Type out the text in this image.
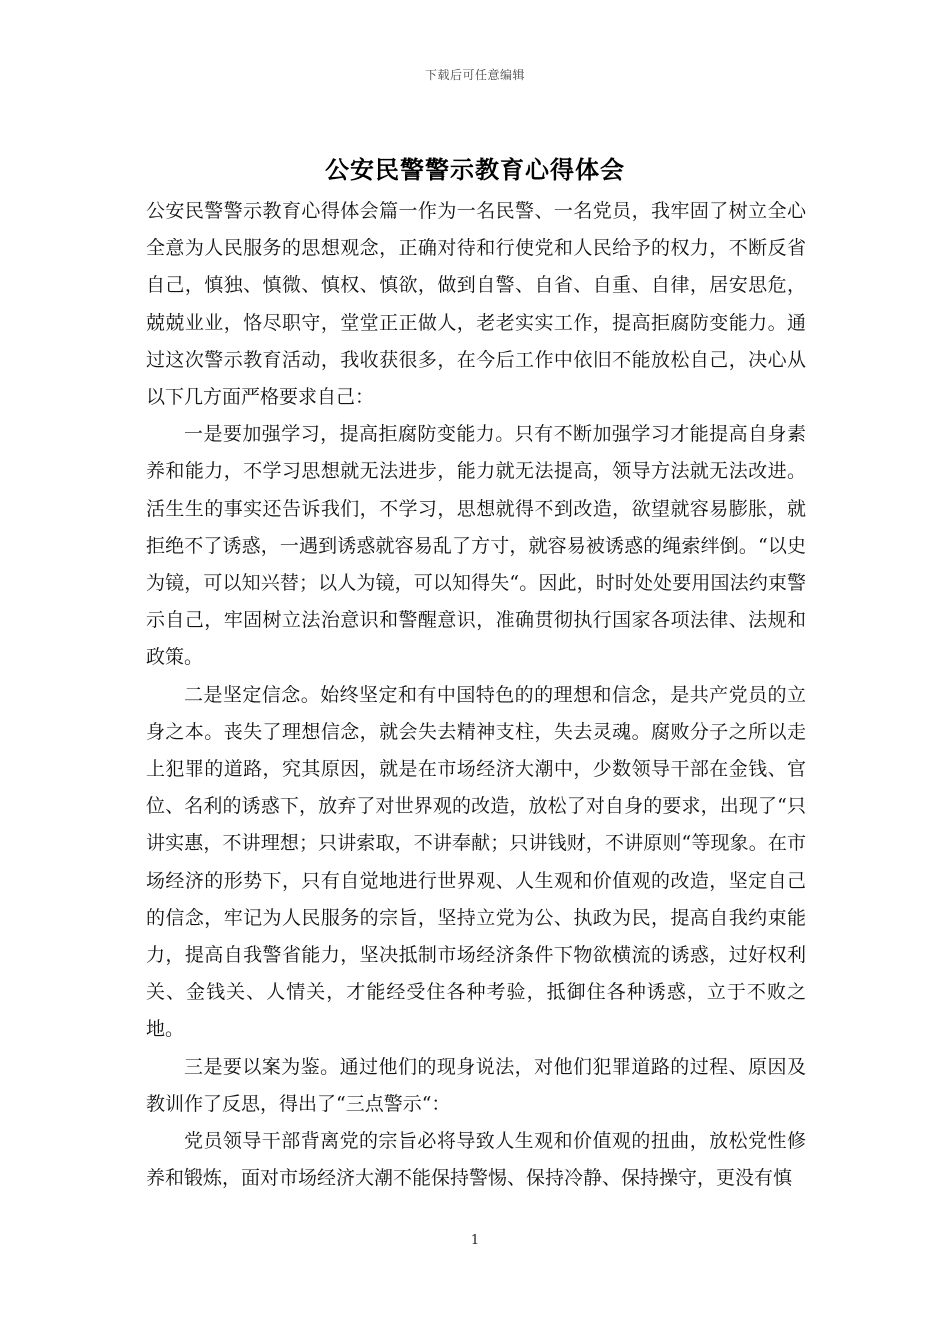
下载后可任意编辑
公安民警警示教育心得体会

公安民警警示教育心得体会篇一作为一名民警、一名党员，我牢固了树立全心全意为人民服务的思想观念，正确对待和行使党和人民给予的权力，不断反省自己，慎独、慎微、慎权、慎欲，做到自警、自省、自重、自律，居安思危，兢兢业业，恪尽职守，堂堂正正做人，老老实实工作，提高拒腐防变能力。通过这次警示教育活动，我收获很多，在今后工作中依旧不能放松自己，决心从以下几方面严格要求自己：

一是要加强学习，提高拒腐防变能力。只有不断加强学习才能提高自身素养和能力，不学习思想就无法进步，能力就无法提高，领导方法就无法改进。活生生的事实还告诉我们，不学习，思想就得不到改造，欲望就容易膨胀，就拒绝不了诱惑，一遇到诱惑就容易乱了方寸，就容易被诱惑的绳索绊倒。“以史为镜，可以知兴替；以人为镜，可以知得失“。因此，时时处处要用国法约束警示自己，牢固树立法治意识和警醒意识，准确贯彻执行国家各项法律、法规和政策。

二是坚定信念。始终坚定和有中国特色的的理想和信念，是共产党员的立身之本。丧失了理想信念，就会失去精神支柱，失去灵魂。腐败分子之所以走上犯罪的道路，究其原因，就是在市场经济大潮中，少数领导干部在金钱、官位、名利的诱惑下，放弃了对世界观的改造，放松了对自身的要求，出现了“只讲实惠，不讲理想；只讲索取，不讲奉献；只讲钱财，不讲原则“等现象。在市场经济的形势下，只有自觉地进行世界观、人生观和价值观的改造，坚定自己的信念，牢记为人民服务的宗旨，坚持立党为公、执政为民，提高自我约束能力，提高自我警省能力，坚决抵制市场经济条件下物欲横流的诱惑，过好权利关、金钱关、人情关，才能经受住各种考验，抵御住各种诱惑，立于不败之地。

三是要以案为鉴。通过他们的现身说法，对他们犯罪道路的过程、原因及教训作了反思，得出了“三点警示“：

党员领导干部背离党的宗旨必将导致人生观和价值观的扭曲，放松党性修养和锻炼，面对市场经济大潮不能保持警惕、保持冷静、保持操守，更没有慎

1
